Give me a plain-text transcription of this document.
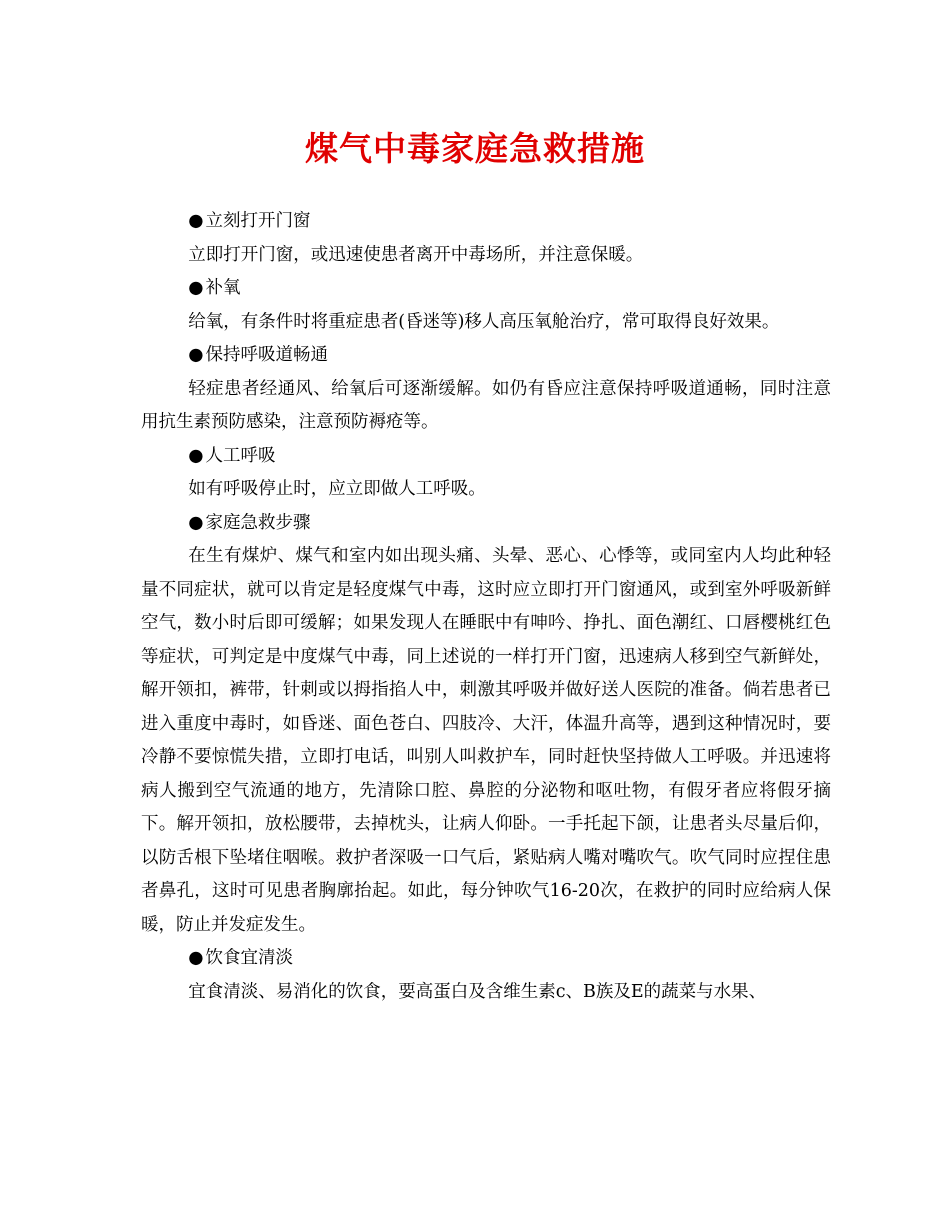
煤气中毒家庭急救措施

● 立刻打开门窗

立即打开门窗，或迅速使患者离开中毒场所，并注意保暖。

● 补氧

给氧，有条件时将重症患者(昏迷等)移人高压氧舱治疗，常可取得良好效果。

● 保持呼吸道畅通

轻症患者经通风、给氧后可逐渐缓解。如仍有昏应注意保持呼吸道通畅，同时注意用抗生素预防感染，注意预防褥疮等。

● 人工呼吸

如有呼吸停止时，应立即做人工呼吸。

● 家庭急救步骤

在生有煤炉、煤气和室内如出现头痛、头晕、恶心、心悸等，或同室内人均此种轻量不同症状，就可以肯定是轻度煤气中毒，这时应立即打开门窗通风，或到室外呼吸新鲜空气，数小时后即可缓解；如果发现人在睡眠中有呻吟、挣扎、面色潮红、口唇樱桃红色等症状，可判定是中度煤气中毒，同上述说的一样打开门窗，迅速病人移到空气新鲜处，解开领扣，裤带，针刺或以拇指掐人中，刺激其呼吸并做好送人医院的准备。倘若患者已进入重度中毒时，如昏迷、面色苍白、四肢冷、大汗，体温升高等，遇到这种情况时，要冷静不要惊慌失措，立即打电话，叫别人叫救护车，同时赶快坚持做人工呼吸。并迅速将病人搬到空气流通的地方，先清除口腔、鼻腔的分泌物和呕吐物，有假牙者应将假牙摘下。解开领扣，放松腰带，去掉枕头，让病人仰卧。一手托起下颌，让患者头尽量后仰，以防舌根下坠堵住咽喉。救护者深吸一口气后，紧贴病人嘴对嘴吹气。吹气同时应捏住患者鼻孔，这时可见患者胸廓抬起。如此，每分钟吹气16-20次，在救护的同时应给病人保暖，防止并发症发生。

● 饮食宜清淡

宜食清淡、易消化的饮食，要高蛋白及含维生素c、B族及E的蔬菜与水果、
